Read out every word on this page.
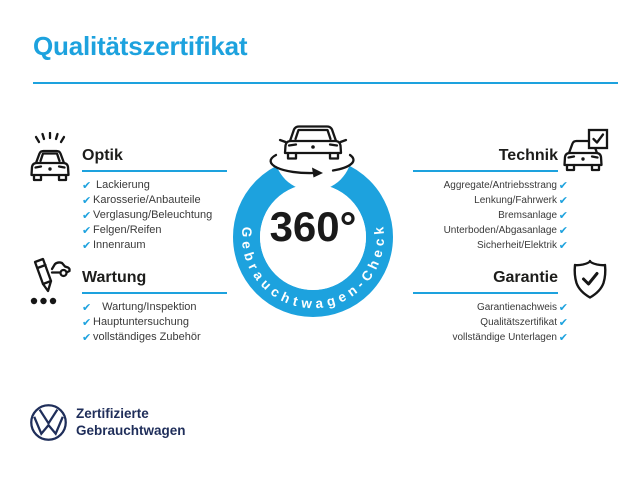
Qualitätszertifikat
Gebrauchtwagen-Check
360°
Optik
✔ Lackierung
✔ Karosserie/Anbauteile
✔ Verglasung/Beleuchtung
✔ Felgen/Reifen
✔ Innenraum
Technik
✔
Aggregate/Antriebsstrang
✔
Lenkung/Fahrwerk
✔
Bremsanlage
✔
Unterboden/Abgasanlage
✔
Sicherheit/Elektrik
Wartung
✔ Wartung/Inspektion
✔ Hauptuntersuchung
✔ vollständiges Zubehör
Garantie
✔
Garantienachweis
✔
Qualitätszertifikat
✔
vollständige Unterlagen
Zertifizierte
Gebrauchtwagen
